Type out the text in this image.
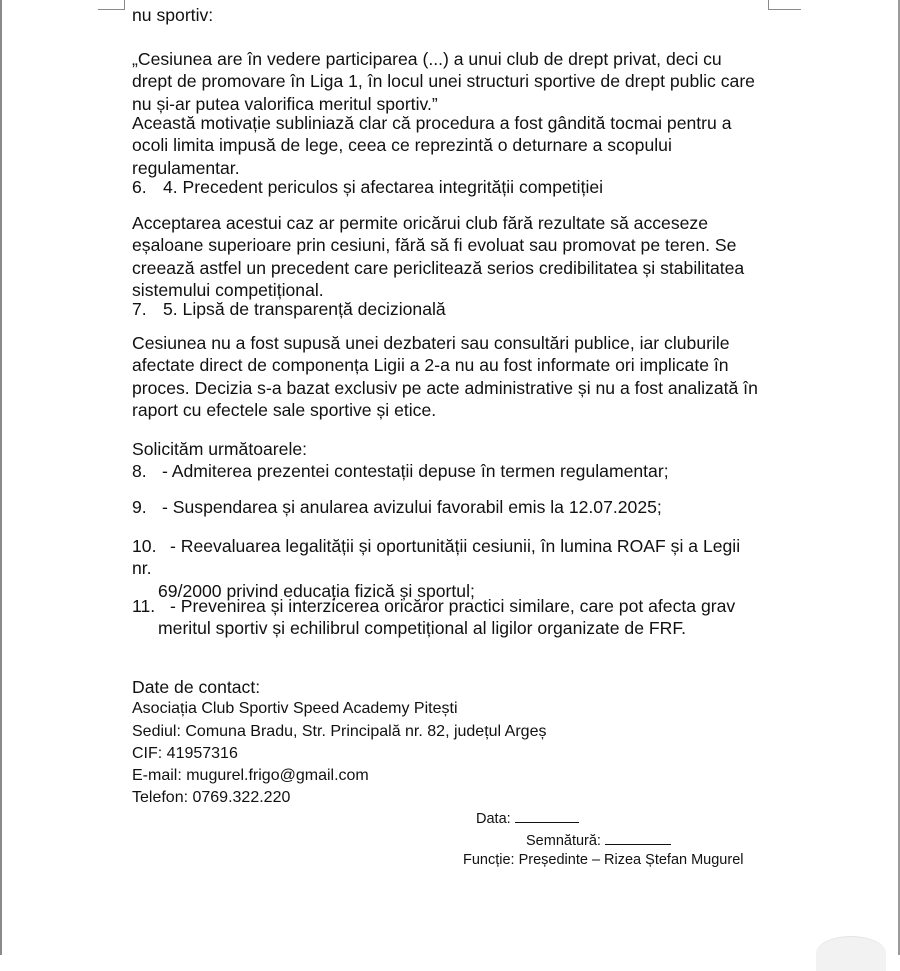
nu sportiv:

„Cesiunea are în vedere participarea (...) a unui club de drept privat, deci cu drept de promovare în Liga 1, în locul unei structuri sportive de drept public care nu și-ar putea valorifica meritul sportiv.”

Această motivație subliniază clar că procedura a fost gândită tocmai pentru a ocoli limita impusă de lege, ceea ce reprezintă o deturnare a scopului regulamentar.

6. 4. Precedent periculos și afectarea integrității competiției

Acceptarea acestui caz ar permite oricărui club fără rezultate să acceseze eșaloane superioare prin cesiuni, fără să fi evoluat sau promovat pe teren. Se creează astfel un precedent care periclitează serios credibilitatea și stabilitatea sistemului competițional.

7. 5. Lipsă de transparență decizională

Cesiunea nu a fost supusă unei dezbateri sau consultări publice, iar cluburile afectate direct de componența Ligii a 2-a nu au fost informate ori implicate în proces. Decizia s-a bazat exclusiv pe acte administrative și nu a fost analizată în raport cu efectele sale sportive și etice.

Solicităm următoarele:

8. - Admiterea prezentei contestații depuse în termen regulamentar;
9. - Suspendarea și anularea avizului favorabil emis la 12.07.2025;
10. - Reevaluarea legalității și oportunității cesiunii, în lumina ROAF și a Legii nr.
69/2000 privind educația fizică și sportul;
11. - Prevenirea și interzicerea oricăror practici similare, care pot afecta grav
meritul sportiv și echilibrul competițional al ligilor organizate de FRF.
Date de contact:
Asociația Club Sportiv Speed Academy Pitești
Sediul: Comuna Bradu, Str. Principală nr. 82, județul Argeș
CIF: 41957316
E-mail: mugurel.frigo@gmail.com
Telefon: 0769.322.220
Data:
Semnătură:
Funcție: Președinte – Rizea Ștefan Mugurel
